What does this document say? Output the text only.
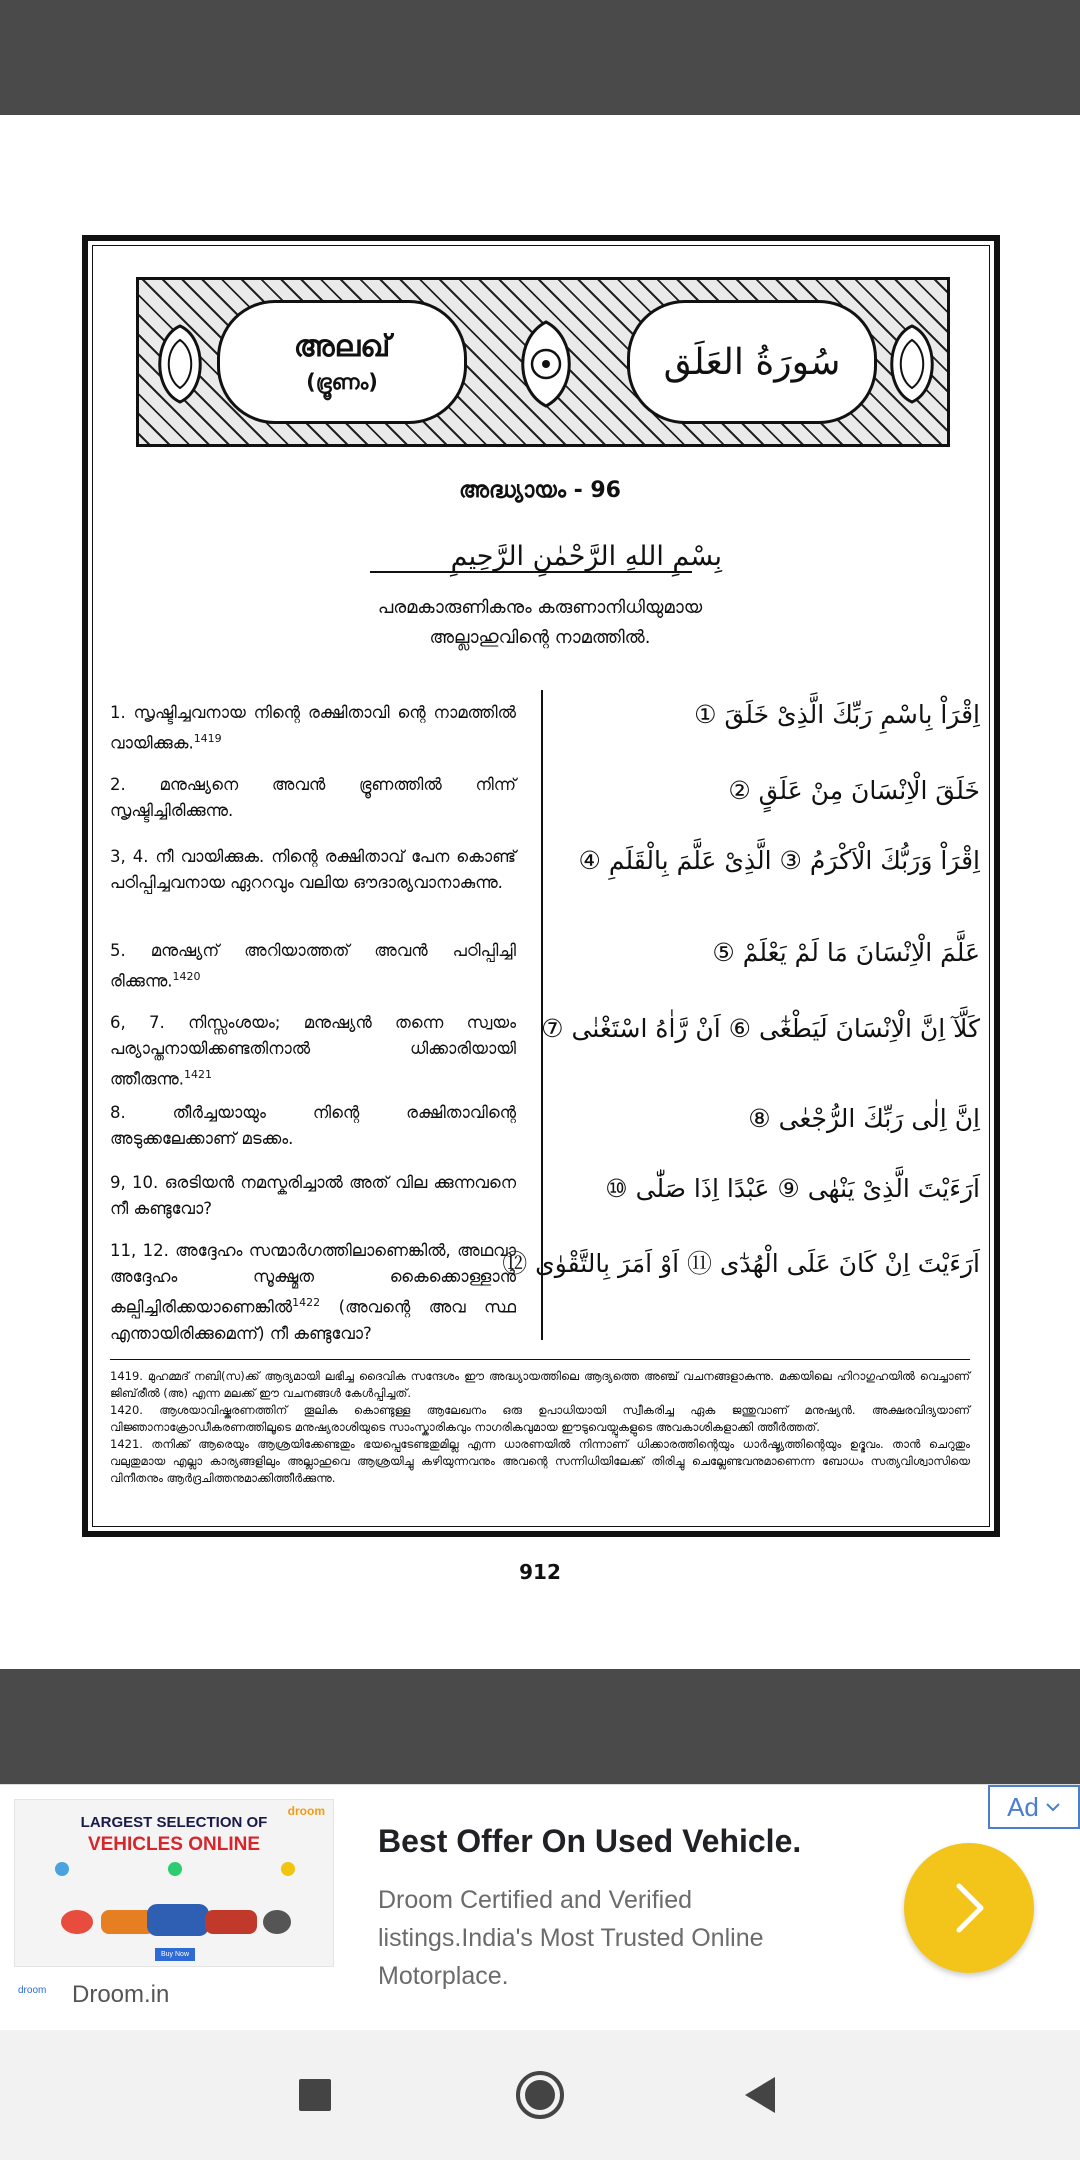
അലഖ്
(ഭ്രൂണം)	سُورَةُ العَلَق
അദ്ധ്യായം - 96
بِسْمِ اللهِ الرَّحْمٰنِ الرَّحِيمِ
പരമകാരുണികനും കരുണാനിധിയുമായ
അല്ലാഹുവിന്റെ നാമത്തിൽ.

1. സൃഷ്ടിച്ചവനായ നിന്റെ രക്ഷിതാവി ന്റെ നാമത്തിൽ വായിക്കുക.$^{1419}$

2. മനുഷ്യനെ അവൻ ഭ്രൂണത്തിൽ നിന്ന് സൃഷ്ടിച്ചിരിക്കുന്നു.

3, 4. നീ വായിക്കുക. നിന്റെ രക്ഷിതാവ് പേന കൊണ്ട് പഠിപ്പിച്ചവനായ ഏററവും വലിയ ഔദാര്യവാനാകുന്നു.

5. മനുഷ്യന് അറിയാത്തത് അവൻ പഠിപ്പിച്ചി രിക്കുന്നു.$^{1420}$

6, 7. നിസ്സംശയം; മനുഷ്യൻ തന്നെ സ്വയം പര്യാപ്തനായിക്കണ്ടതിനാൽ ധിക്കാരിയായി ത്തീരുന്നു.$^{1421}$

8.	തീർച്ചയായും നിന്റെ രക്ഷിതാവിന്റെ അടുക്കലേക്കാണ് മടക്കം.

9, 10. ഒരടിയൻ നമസ്കരിച്ചാൽ അത് വില ക്കുന്നവനെ നീ കണ്ടുവോ?

11, 12. അദ്ദേഹം സന്മാർഗത്തിലാണെങ്കിൽ, അഥവാ അദ്ദേഹം സൂക്ഷ്മത കൈക്കൊള്ളാൻ കല്പിച്ചിരിക്കയാണെങ്കിൽ$^{1422}$ (അവന്റെ അവ സ്ഥ എന്തായിരിക്കുമെന്ന്) നീ കണ്ടുവോ?

اِقْرَاْ بِاسْمِ رَبِّكَ الَّذِىْ خَلَقَ ①
خَلَقَ الْاِنْسَانَ مِنْ عَلَقٍ ②
اِقْرَاْ وَرَبُّكَ الْاَكْرَمُ ③ الَّذِىْ عَلَّمَ بِالْقَلَمِ ④
عَلَّمَ الْاِنْسَانَ مَا لَمْ يَعْلَمْ ⑤
كَلَّآ اِنَّ الْاِنْسَانَ لَيَطْغٰٓى ⑥ اَنْ رَّاٰهُ اسْتَغْنٰى ⑦
اِنَّ اِلٰى رَبِّكَ الرُّجْعٰى ⑧
اَرَءَيْتَ الَّذِىْ يَنْهٰى ⑨ عَبْدًا اِذَا صَلّٰى ⑩
اَرَءَيْتَ اِنْ كَانَ عَلَى الْهُدٰٓى ⑪ اَوْ اَمَرَ بِالتَّقْوٰى ⑫

1419. മുഹമ്മദ് നബി(സ)ക്ക് ആദ്യമായി ലഭിച്ച ദൈവിക സന്ദേശം ഈ അദ്ധ്യായത്തിലെ ആദ്യത്തെ അഞ്ച് വചനങ്ങളാകുന്നു. മക്കയിലെ ഹിറാഗുഹയിൽ വെച്ചാണ് ജിബ്‌രീൽ (അ) എന്ന മലക്ക് ഈ വചനങ്ങൾ കേൾപ്പിച്ചത്.

1420. ആശയാവിഷ്കരണത്തിന് തൂലിക കൊണ്ടുള്ള ആലേഖനം ഒരു ഉപാധിയായി സ്വീകരിച്ച ഏക ജന്തുവാണ് മനുഷ്യൻ. അക്ഷരവിദ്യയാണ് വിജ്ഞാനാക്രോഡീകരണത്തിലൂടെ മനുഷ്യരാശിയുടെ സാംസ്കാരികവും നാഗരികവുമായ ഈടുവെയ്പുകളുടെ അവകാശികളാക്കി ത്തീർത്തത്.

1421. തനിക്ക് ആരെയും ആശ്രയിക്കേണ്ടതും ഭയപ്പെടേണ്ടതുമില്ല എന്ന ധാരണയിൽ നിന്നാണ് ധിക്കാരത്തിന്റെയും ധാർഷ്ട്യത്തിന്റെയും ഉദ്ഭവം. താൻ ചെറുതും വലുതുമായ എല്ലാ കാര്യങ്ങളിലും അല്ലാഹുവെ ആശ്രയിച്ചു കഴിയുന്നവനും അവന്റെ സന്നിധിയിലേക്ക് തിരിച്ചു ചെല്ലേണ്ടവനുമാണെന്ന ബോധം സത്യവിശ്വാസിയെ വിനീതനും ആർദ്രചിത്തനുമാക്കിത്തീർക്കുന്നു.

912
droom
LARGEST SELECTION OF
VEHICLES ONLINE
Buy Now
droom Droom.in
Best Offer On Used Vehicle.
Droom Certified and Verified listings.India's Most Trusted Online Motorplace.
Ad
